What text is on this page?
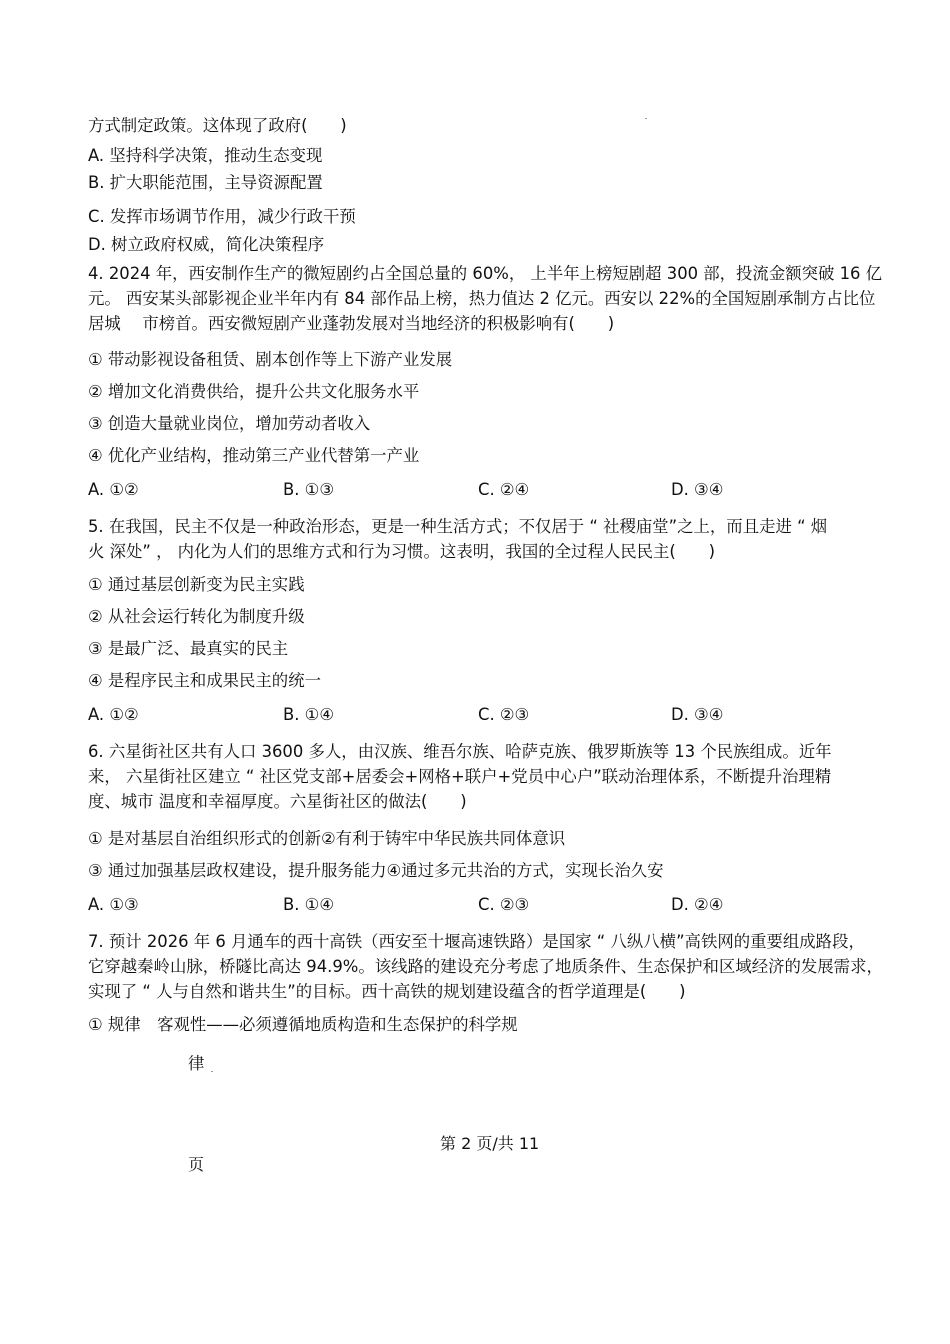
方式制定政策。这体现了政府(　　)
A. 坚持科学决策，推动生态变现
B. 扩大职能范围，主导资源配置
C. 发挥市场调节作用，减少行政干预
D. 树立政府权威，简化决策程序
4. 2024 年，西安制作生产的微短剧约占全国总量的 60%， 上半年上榜短剧超 300 部，投流金额突破 16 亿
元。 西安某头部影视企业半年内有 84 部作品上榜，热力值达 2 亿元。西安以 22%的全国短剧承制方占比位
居城　 市榜首。西安微短剧产业蓬勃发展对当地经济的积极影响有(　　)
① 带动影视设备租赁、剧本创作等上下游产业发展
② 增加文化消费供给，提升公共文化服务水平
③ 创造大量就业岗位，增加劳动者收入
④ 优化产业结构，推动第三产业代替第一产业
A. ①②	B. ①③	C. ②④	D. ③④
5. 在我国，民主不仅是一种政治形态，更是一种生活方式；不仅居于 “ 社稷庙堂”之上，而且走进 “ 烟
火 深处” ， 内化为人们的思维方式和行为习惯。这表明，我国的全过程人民民主(　　)
① 通过基层创新变为民主实践
② 从社会运行转化为制度升级
③ 是最广泛、最真实的民主
④ 是程序民主和成果民主的统一
A. ①②	B. ①④	C. ②③	D. ③④
6. 六星街社区共有人口 3600 多人，由汉族、维吾尔族、哈萨克族、俄罗斯族等 13 个民族组成。近年
来， 六星街社区建立 “ 社区党支部+居委会+网格+联户+党员中心户”联动治理体系，不断提升治理精
度、城市 温度和幸福厚度。六星街社区的做法(　　)
① 是对基层自治组织形式的创新②有利于铸牢中华民族共同体意识
③ 通过加强基层政权建设，提升服务能力④通过多元共治的方式，实现长治久安
A. ①③	B. ①④	C. ②③	D. ②④
7. 预计 2026 年 6 月通车的西十高铁（西安至十堰高速铁路）是国家 “ 八纵八横”高铁网的重要组成路段，
它穿越秦岭山脉，桥隧比高达 94.9%。该线路的建设充分考虑了地质条件、生态保护和区域经济的发展需求，
实现了 “ 人与自然和谐共生”的目标。西十高铁的规划建设蕴含的哲学道理是(　　)
① 规律　客观性——必须遵循地质构造和生态保护的科学规
律
第 2 页/共 11
页
